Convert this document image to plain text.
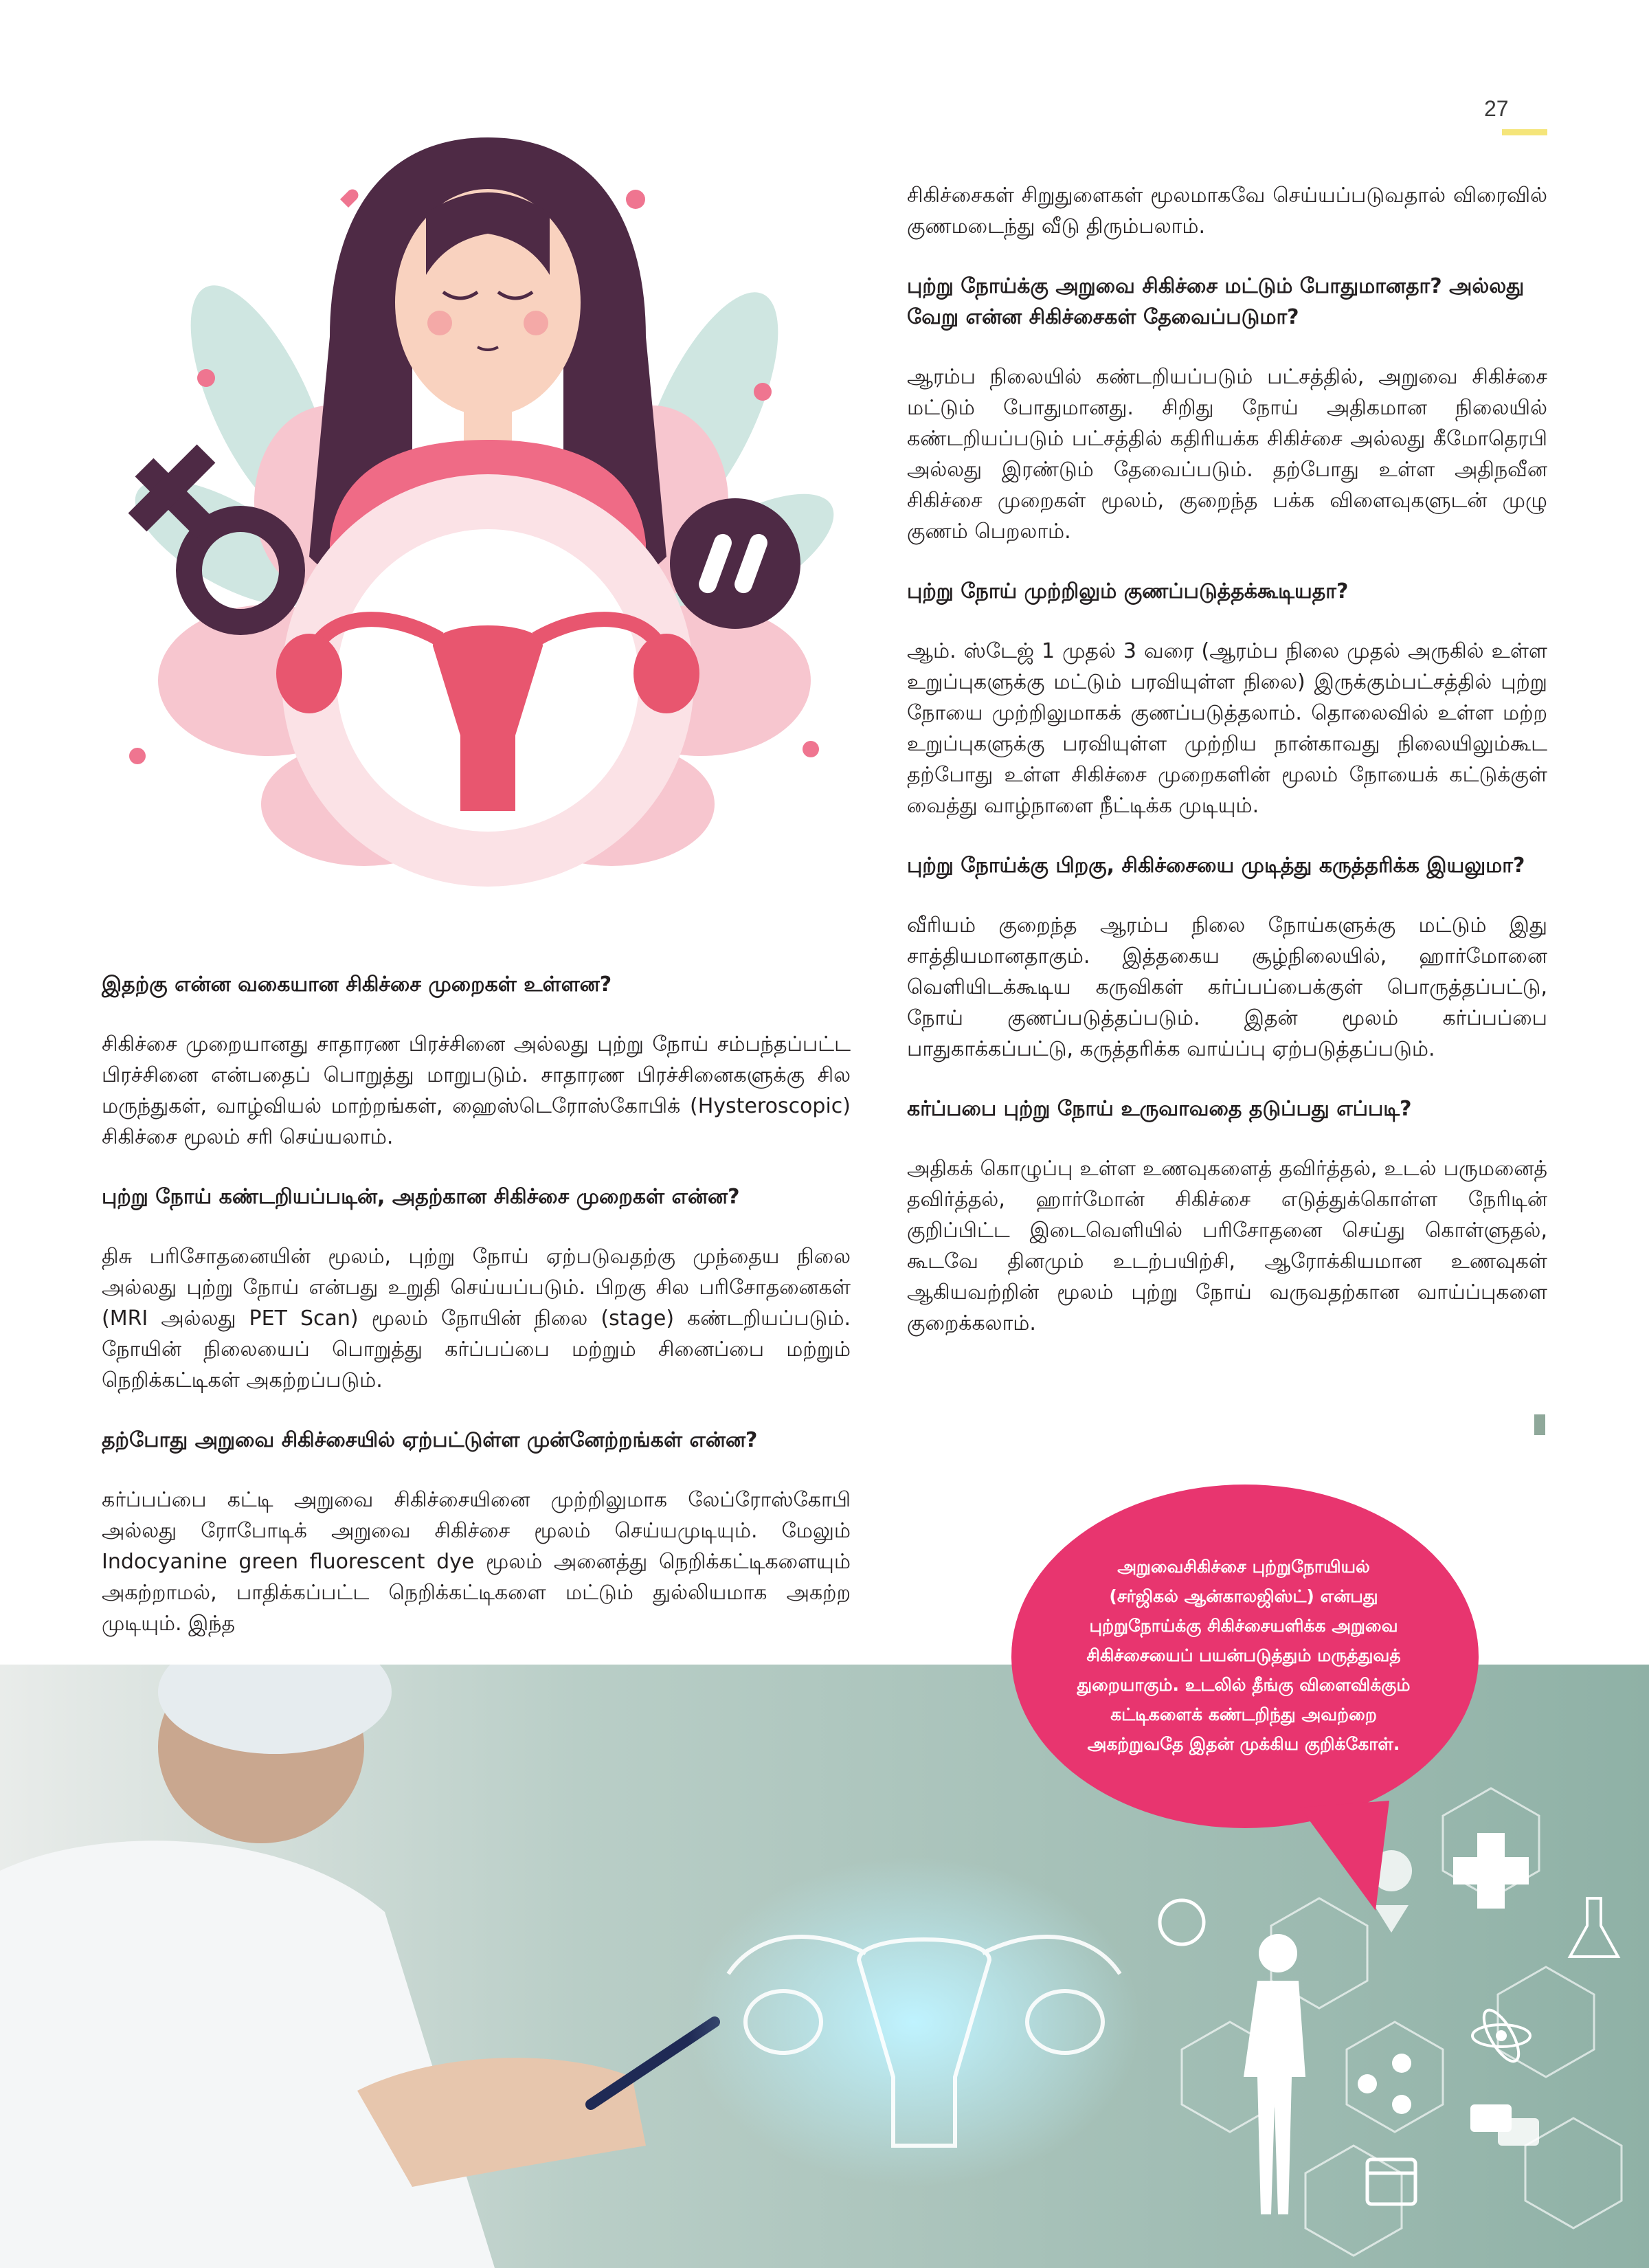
27
இதற்கு என்ன வகையான சிகிச்சை முறைகள் உள்ளன?

சிகிச்சை முறையானது சாதாரண பிரச்சினை அல்லது புற்று நோய் சம்பந்தப்பட்ட பிரச்சினை என்பதைப் பொறுத்து மாறுபடும். சாதாரண பிரச்சினைகளுக்கு சில மருந்துகள், வாழ்வியல் மாற்றங்கள், ஹைஸ்டெரோஸ்கோபிக் (Hysteroscopic) சிகிச்சை மூலம் சரி செய்யலாம்.

புற்று நோய் கண்டறியப்படின், அதற்கான சிகிச்சை முறைகள் என்ன?

திசு பரிசோதனையின் மூலம், புற்று நோய் ஏற்படுவதற்கு முந்தைய நிலை அல்லது புற்று நோய் என்பது உறுதி செய்யப்படும். பிறகு சில பரிசோதனைகள் (MRI அல்லது PET Scan) மூலம் நோயின் நிலை (stage) கண்டறியப்படும். நோயின் நிலையைப் பொறுத்து கர்ப்பப்பை மற்றும் சினைப்பை மற்றும் நெறிக்கட்டிகள் அகற்றப்படும்.

தற்போது அறுவை சிகிச்சையில் ஏற்பட்டுள்ள முன்னேற்றங்கள் என்ன?

கர்ப்பப்பை கட்டி அறுவை சிகிச்சையினை முற்றிலுமாக லேப்ரோஸ்கோபி அல்லது ரோபோடிக் அறுவை சிகிச்சை மூலம் செய்யமுடியும். மேலும் Indocyanine green fluorescent dye மூலம் அனைத்து நெறிக்கட்டிகளையும் அகற்றாமல், பாதிக்கப்பட்ட நெறிக்கட்டிகளை மட்டும் துல்லியமாக அகற்ற முடியும். இந்த

சிகிச்சைகள் சிறுதுளைகள் மூலமாகவே செய்யப்படுவதால் விரைவில் குணமடைந்து வீடு திரும்பலாம்.

புற்று நோய்க்கு அறுவை சிகிச்சை மட்டும் போதுமானதா? அல்லது வேறு என்ன சிகிச்சைகள் தேவைப்படுமா?

ஆரம்ப நிலையில் கண்டறியப்படும் பட்சத்தில், அறுவை சிகிச்சை மட்டும் போதுமானது. சிறிது நோய் அதிகமான நிலையில் கண்டறியப்படும் பட்சத்தில் கதிரியக்க சிகிச்சை அல்லது கீமோதெரபி அல்லது இரண்டும் தேவைப்படும். தற்போது உள்ள அதிநவீன சிகிச்சை முறைகள் மூலம், குறைந்த பக்க விளைவுகளுடன் முழு குணம் பெறலாம்.

புற்று நோய் முற்றிலும் குணப்படுத்தக்கூடியதா?

ஆம். ஸ்டேஜ் 1 முதல் 3 வரை (ஆரம்ப நிலை முதல் அருகில் உள்ள உறுப்புகளுக்கு மட்டும் பரவியுள்ள நிலை) இருக்கும்பட்சத்தில் புற்று நோயை முற்றிலுமாகக் குணப்படுத்தலாம். தொலைவில் உள்ள மற்ற உறுப்புகளுக்கு பரவியுள்ள முற்றிய நான்காவது நிலையிலும்கூட தற்போது உள்ள சிகிச்சை முறைகளின் மூலம் நோயைக் கட்டுக்குள் வைத்து வாழ்நாளை நீட்டிக்க முடியும்.

புற்று நோய்க்கு பிறகு, சிகிச்சையை முடித்து கருத்தரிக்க இயலுமா?

வீரியம் குறைந்த ஆரம்ப நிலை நோய்களுக்கு மட்டும் இது சாத்தியமானதாகும். இத்தகைய சூழ்நிலையில், ஹார்மோனை வெளியிடக்கூடிய கருவிகள் கர்ப்பப்பைக்குள் பொருத்தப்பட்டு, நோய் குணப்படுத்தப்படும். இதன் மூலம் கர்ப்பப்பை பாதுகாக்கப்பட்டு, கருத்தரிக்க வாய்ப்பு ஏற்படுத்தப்படும்.

கர்ப்பபை புற்று நோய் உருவாவதை தடுப்பது எப்படி?

அதிகக் கொழுப்பு உள்ள உணவுகளைத் தவிர்த்தல், உடல் பருமனைத் தவிர்த்தல், ஹார்மோன் சிகிச்சை எடுத்துக்கொள்ள நேரிடின் குறிப்பிட்ட இடைவெளியில் பரிசோதனை செய்து கொள்ளுதல், கூடவே தினமும் உடற்பயிற்சி, ஆரோக்கியமான உணவுகள் ஆகியவற்றின் மூலம் புற்று நோய் வருவதற்கான வாய்ப்புகளை குறைக்கலாம்.

அறுவைசிகிச்சை புற்றுநோயியல்
(சர்ஜிகல் ஆன்காலஜிஸ்ட்) என்பது
புற்றுநோய்க்கு சிகிச்சையளிக்க அறுவை
சிகிச்சையைப் பயன்படுத்தும் மருத்துவத்
துறையாகும். உடலில் தீங்கு விளைவிக்கும்
கட்டிகளைக் கண்டறிந்து அவற்றை
அகற்றுவதே இதன் முக்கிய குறிக்கோள்.
